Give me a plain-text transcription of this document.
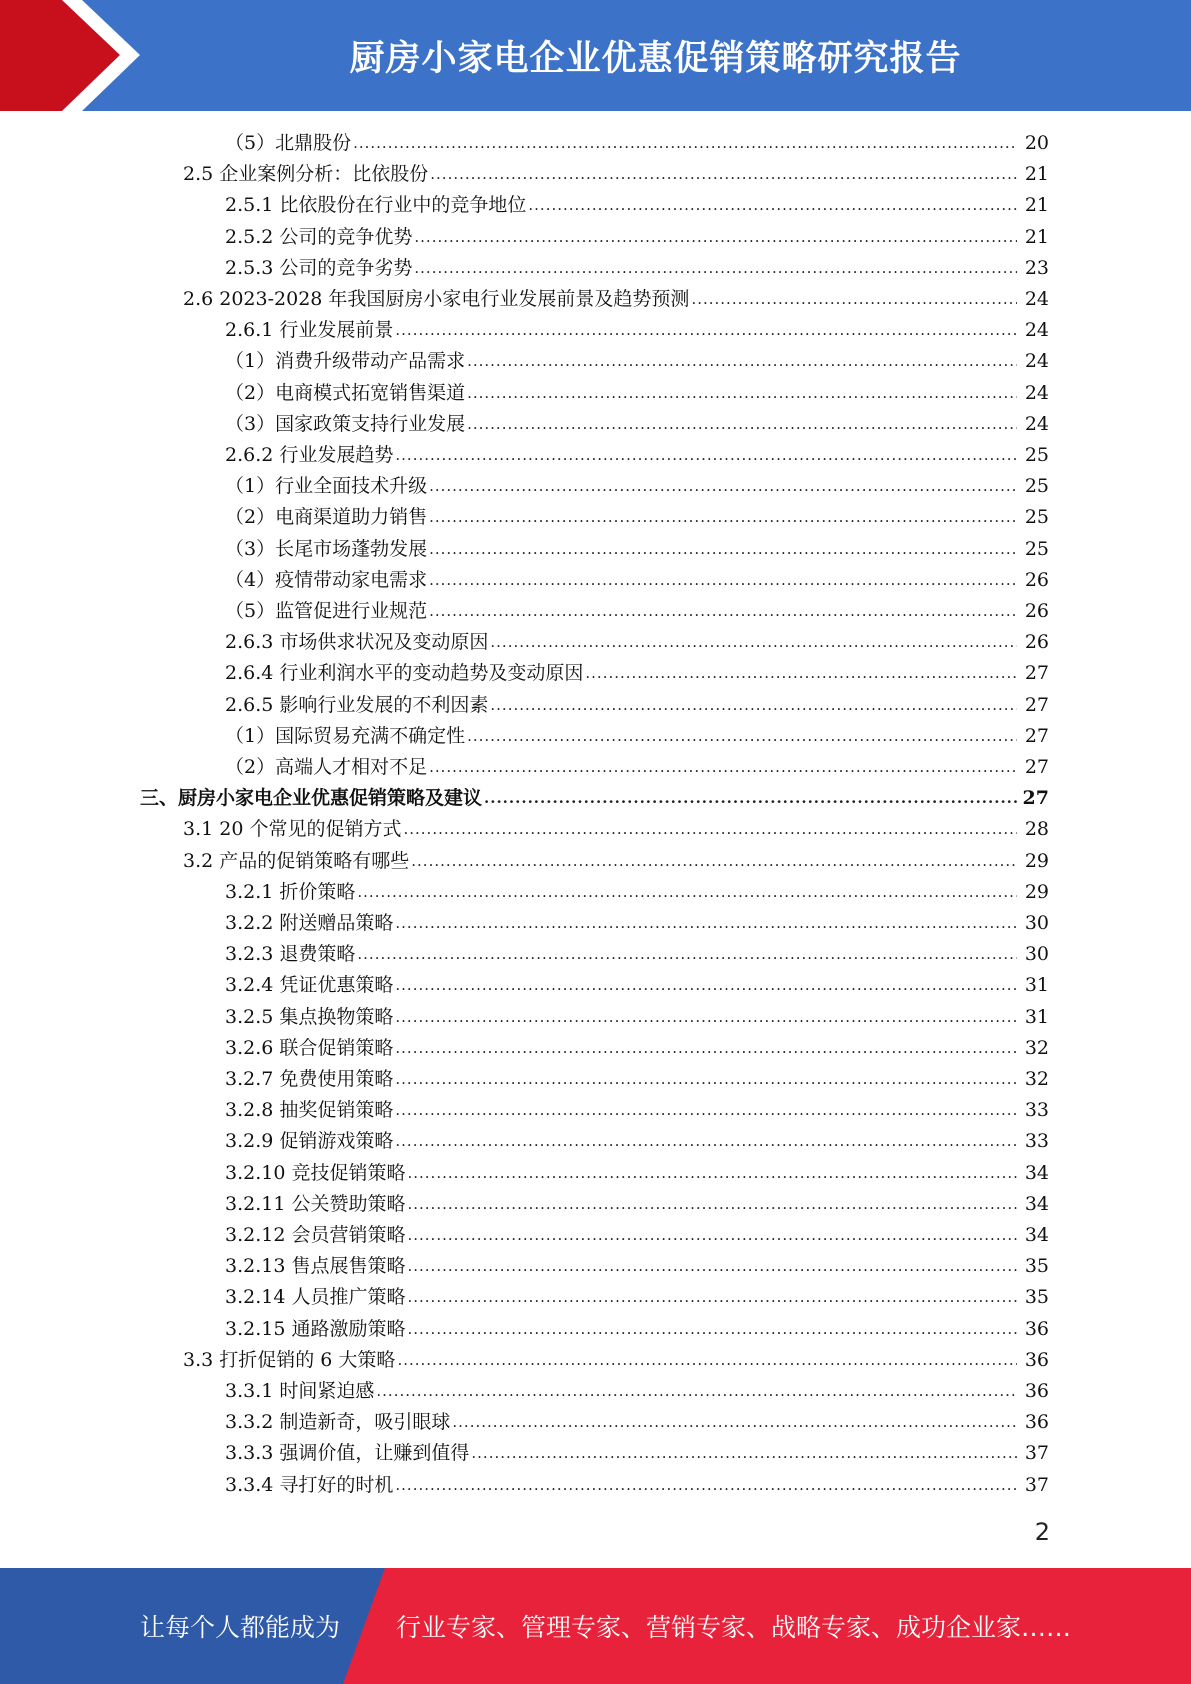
厨房小家电企业优惠促销策略研究报告
（5）北鼎股份 .....	20
2.5 企业案例分析：比依股份 .....	21
2.5.1 比依股份在行业中的竞争地位 .....	21
2.5.2 公司的竞争优势 .....	21
2.5.3 公司的竞争劣势 .....	23
2.6 2023-2028 年我国厨房小家电行业发展前景及趋势预测 .....	24
2.6.1 行业发展前景 .....	24
（1）消费升级带动产品需求 .....	24
（2）电商模式拓宽销售渠道 .....	24
（3）国家政策支持行业发展 .....	24
2.6.2 行业发展趋势 .....	25
（1）行业全面技术升级 .....	25
（2）电商渠道助力销售 .....	25
（3）长尾市场蓬勃发展 .....	25
（4）疫情带动家电需求 .....	26
（5）监管促进行业规范 .....	26
2.6.3 市场供求状况及变动原因 .....	26
2.6.4 行业利润水平的变动趋势及变动原因 .....	27
2.6.5 影响行业发展的不利因素 .....	27
（1）国际贸易充满不确定性 .....	27
（2）高端人才相对不足 .....	27
三、厨房小家电企业优惠促销策略及建议 .....	27
3.1 20 个常见的促销方式 .....	28
3.2 产品的促销策略有哪些 .....	29
3.2.1 折价策略 .....	29
3.2.2 附送赠品策略 .....	30
3.2.3 退费策略 .....	30
3.2.4 凭证优惠策略 .....	31
3.2.5 集点换物策略 .....	31
3.2.6 联合促销策略 .....	32
3.2.7 免费使用策略 .....	32
3.2.8 抽奖促销策略 .....	33
3.2.9 促销游戏策略 .....	33
3.2.10 竞技促销策略 .....	34
3.2.11 公关赞助策略 .....	34
3.2.12 会员营销策略 .....	34
3.2.13 售点展售策略 .....	35
3.2.14 人员推广策略 .....	35
3.2.15 通路激励策略 .....	36
3.3 打折促销的 6 大策略 .....	36
3.3.1 时间紧迫感 .....	36
3.3.2 制造新奇，吸引眼球 .....	36
3.3.3 强调价值，让赚到值得 .....	37
3.3.4 寻打好的时机 .....	37
2
让每个人都能成为 行业专家、管理专家、营销专家、战略专家、成功企业家……
